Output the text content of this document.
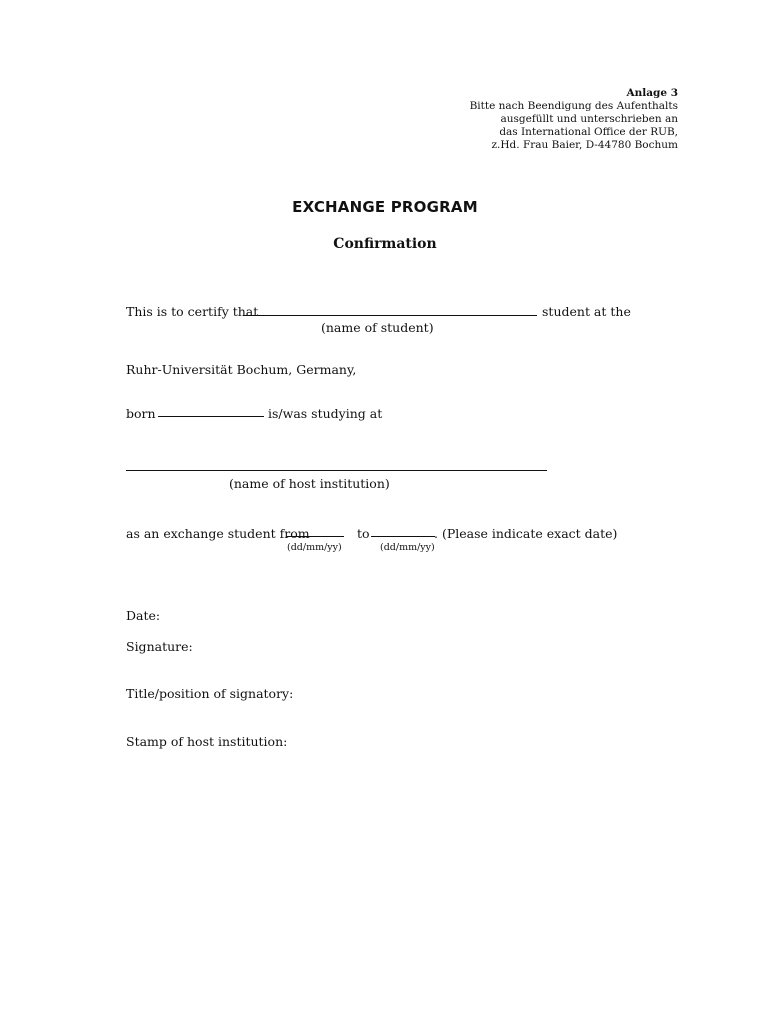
Anlage 3
Bitte nach Beendigung des Aufenthalts
ausgefüllt und unterschrieben an
das International Office der RUB,
z.Hd. Frau Baier, D-44780 Bochum
EXCHANGE PROGRAM
Confirmation
This is to certify that	student at the
(name of student)
Ruhr-Universität Bochum, Germany,
born	is/was studying at
(name of host institution)
as an exchange student from	to	. (Please indicate exact date)
(dd/mm/yy)	(dd/mm/yy)
Date:
Signature:
Title/position of signatory:
Stamp of host institution:
